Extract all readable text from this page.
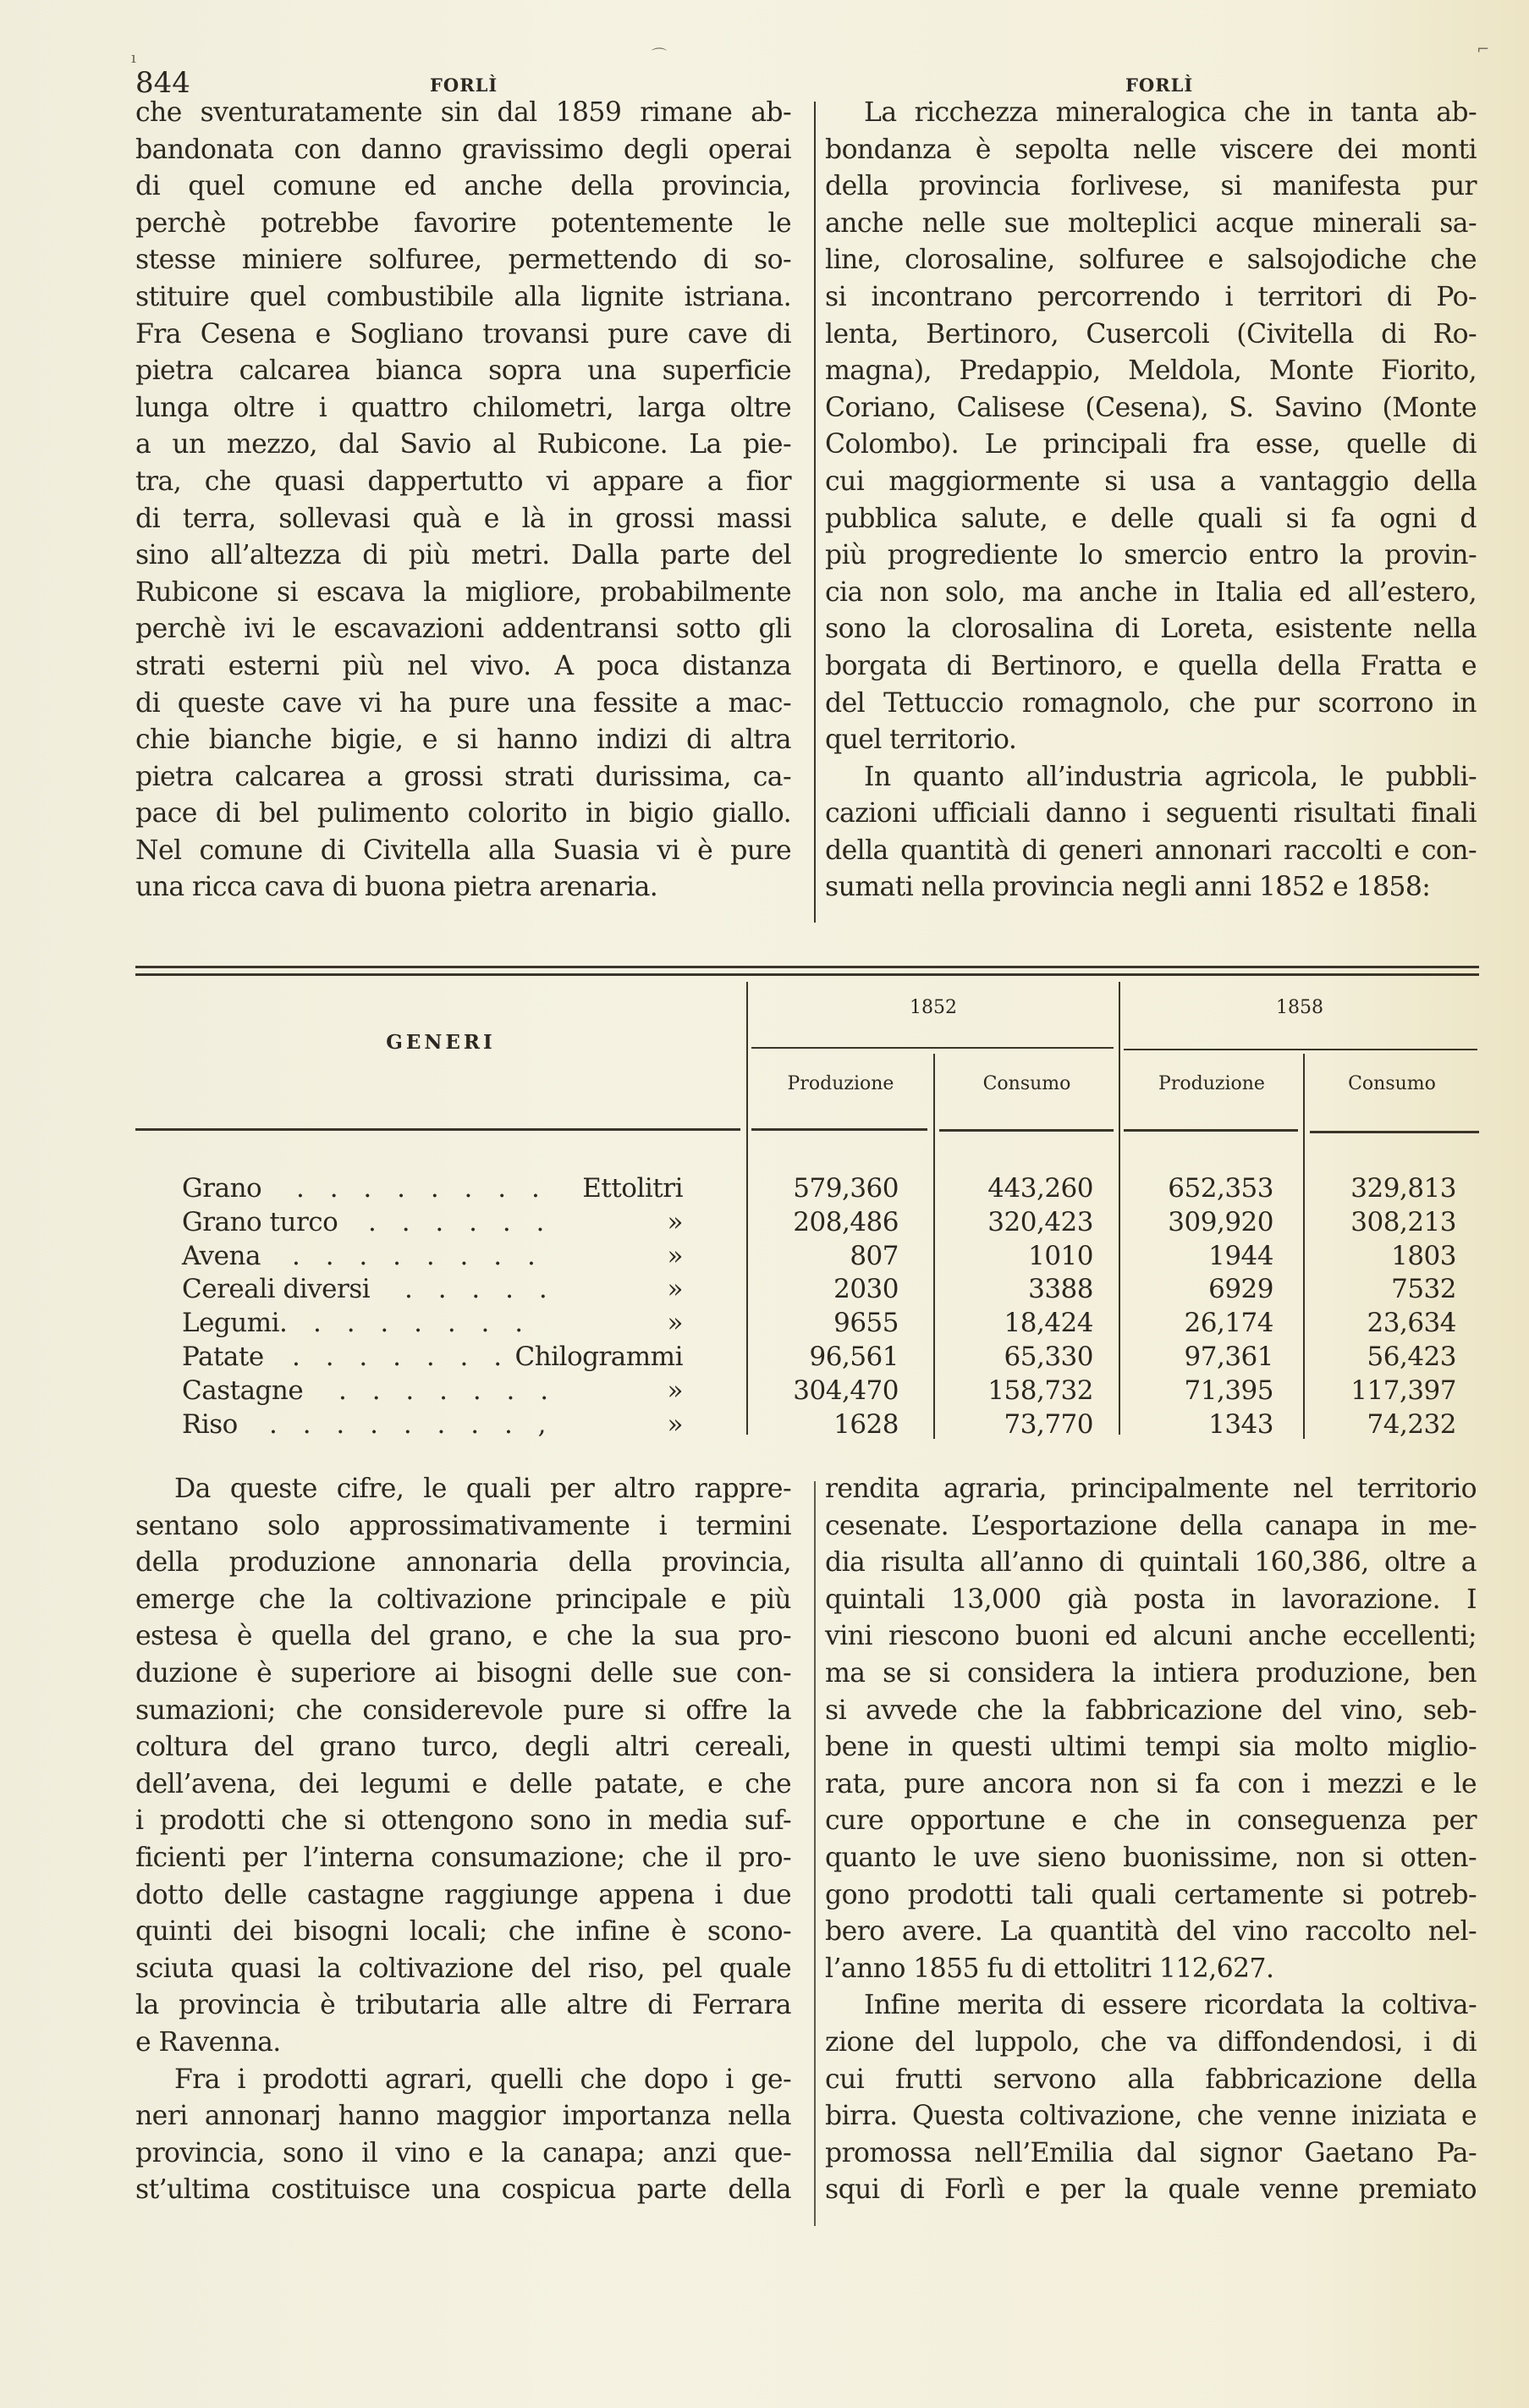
844	FORLÌ	FORLÌ
ı	⌒	⌐
che sventuratamente sin dal 1859 rimane ab-
bandonata con danno gravissimo degli operai
di quel comune ed anche della provincia,
perchè potrebbe favorire potentemente le
stesse miniere solfuree, permettendo di so-
stituire quel combustibile alla lignite istriana.
Fra Cesena e Sogliano trovansi pure cave di
pietra calcarea bianca sopra una superficie
lunga oltre i quattro chilometri, larga oltre
a un mezzo, dal Savio al Rubicone. La pie-
tra, che quasi dappertutto vi appare a fior
di terra, sollevasi quà e là in grossi massi
sino all’altezza di più metri. Dalla parte del
Rubicone si escava la migliore, probabilmente
perchè ivi le escavazioni addentransi sotto gli
strati esterni più nel vivo. A poca distanza
di queste cave vi ha pure una fessite a mac-
chie bianche bigie, e si hanno indizi di altra
pietra calcarea a grossi strati durissima, ca-
pace di bel pulimento colorito in bigio giallo.
Nel comune di Civitella alla Suasia vi è pure
una ricca cava di buona pietra arenaria.
La ricchezza mineralogica che in tanta ab-
bondanza è sepolta nelle viscere dei monti
della provincia forlivese, si manifesta pur
anche nelle sue molteplici acque minerali sa-
line, clorosaline, solfuree e salsojodiche che
si incontrano percorrendo i territori di Po-
lenta, Bertinoro, Cusercoli (Civitella di Ro-
magna), Predappio, Meldola, Monte Fiorito,
Coriano, Calisese (Cesena), S. Savino (Monte
Colombo). Le principali fra esse, quelle di
cui maggiormente si usa a vantaggio della
pubblica salute, e delle quali si fa ogni d
più progrediente lo smercio entro la provin-
cia non solo, ma anche in Italia ed all’estero,
sono la clorosalina di Loreta, esistente nella
borgata di Bertinoro, e quella della Fratta e
del Tettuccio romagnolo, che pur scorrono in
quel territorio.
In quanto all’industria agricola, le pubbli-
cazioni ufficiali danno i seguenti risultati finali
della quantità di generi annonari raccolti e con-
sumati nella provincia negli anni 1852 e 1858:
GENERI
1852	1858
Produzione	Consumo	Produzione	Consumo
Grano . . . . . . . . Ettolitri	579,360	443,260	652,353	329,813
Grano turco . . . . . .	»	208,486	320,423	309,920	308,213
Avena . . . . . . . .	»	807	1010	1944	1803
Cereali diversi . . . . .	»	2030	3388	6929	7532
Legumi. . . . . . . .	»	9655	18,424	26,174	23,634
Patate . . . . . . . Chilogrammi	96,561	65,330	97,361	56,423
Castagne . . . . . . .	»	304,470	158,732	71,395	117,397
Riso . . . . . . . . ,	»	1628	73,770	1343	74,232
Da queste cifre, le quali per altro rappre-
sentano solo approssimativamente i termini
della produzione annonaria della provincia,
emerge che la coltivazione principale e più
estesa è quella del grano, e che la sua pro-
duzione è superiore ai bisogni delle sue con-
sumazioni; che considerevole pure si offre la
coltura del grano turco, degli altri cereali,
dell’avena, dei legumi e delle patate, e che
i prodotti che si ottengono sono in media suf-
ficienti per l’interna consumazione; che il pro-
dotto delle castagne raggiunge appena i due
quinti dei bisogni locali; che infine è scono-
sciuta quasi la coltivazione del riso, pel quale
la provincia è tributaria alle altre di Ferrara
e Ravenna.
Fra i prodotti agrari, quelli che dopo i ge-
neri annonarj hanno maggior importanza nella
provincia, sono il vino e la canapa; anzi que-
st’ultima costituisce una cospicua parte della
rendita agraria, principalmente nel territorio
cesenate. L’esportazione della canapa in me-
dia risulta all’anno di quintali 160,386, oltre a
quintali 13,000 già posta in lavorazione. I
vini riescono buoni ed alcuni anche eccellenti;
ma se si considera la intiera produzione, ben
si avvede che la fabbricazione del vino, seb-
bene in questi ultimi tempi sia molto miglio-
rata, pure ancora non si fa con i mezzi e le
cure opportune e che in conseguenza per
quanto le uve sieno buonissime, non si otten-
gono prodotti tali quali certamente si potreb-
bero avere. La quantità del vino raccolto nel-
l’anno 1855 fu di ettolitri 112,627.
Infine merita di essere ricordata la coltiva-
zione del luppolo, che va diffondendosi, i di
cui frutti servono alla fabbricazione della
birra. Questa coltivazione, che venne iniziata e
promossa nell’Emilia dal signor Gaetano Pa-
squi di Forlì e per la quale venne premiato
